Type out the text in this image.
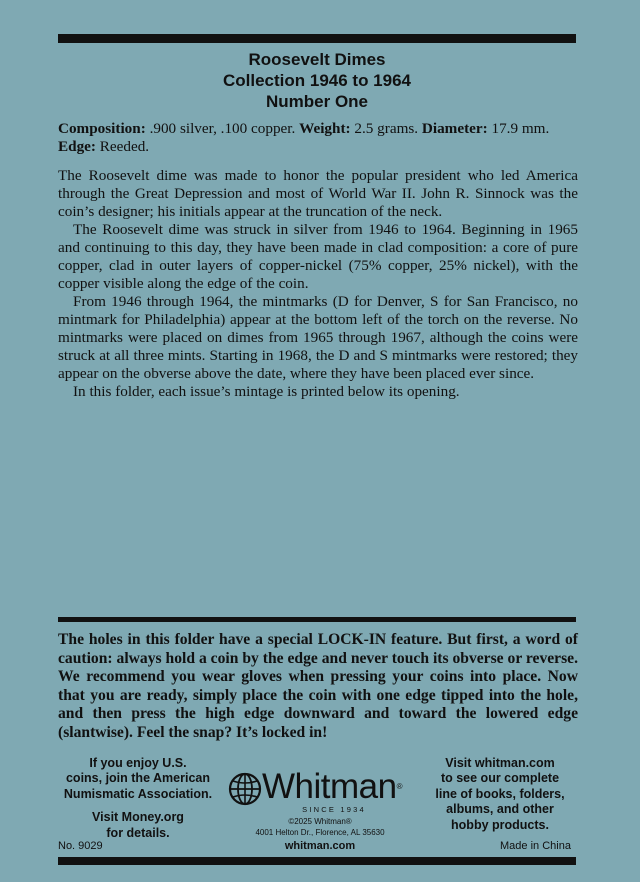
Roosevelt Dimes
Collection 1946 to 1964
Number One
Composition: .900 silver, .100 copper. Weight: 2.5 grams. Diameter: 17.9 mm.
Edge: Reeded.

The Roosevelt dime was made to honor the popular president who led America through the Great Depression and most of World War II. John R. Sinnock was the coin’s designer; his initials appear at the truncation of the neck.

The Roosevelt dime was struck in silver from 1946 to 1964. Beginning in 1965 and continuing to this day, they have been made in clad composition: a core of pure copper, clad in outer layers of copper-nickel (75% copper, 25% nickel), with the copper visible along the edge of the coin.

From 1946 through 1964, the mintmarks (D for Denver, S for San Francisco, no mintmark for Philadelphia) appear at the bottom left of the torch on the reverse. No mintmarks were placed on dimes from 1965 through 1967, although the coins were struck at all three mints. Starting in 1968, the D and S mintmarks were restored; they appear on the obverse above the date, where they have been placed ever since.

In this folder, each issue’s mintage is printed below its opening.

The holes in this folder have a special LOCK-IN feature. But first, a word of caution: always hold a coin by the edge and never touch its obverse or reverse. We recommend you wear gloves when pressing your coins into place. Now that you are ready, simply place the coin with one edge tipped into the hole, and then press the high edge downward and toward the lowered edge (slantwise). Feel the snap? It’s locked in!
If you enjoy U.S.
coins, join the American
Numismatic Association.
Visit Money.org
for details.
Whitman®
SINCE 1934
©2025 Whitman®
4001 Helton Dr., Florence, AL 35630
whitman.com
Visit whitman.com
to see our complete
line of books, folders,
albums, and other
hobby products.
No. 9029	Made in China
